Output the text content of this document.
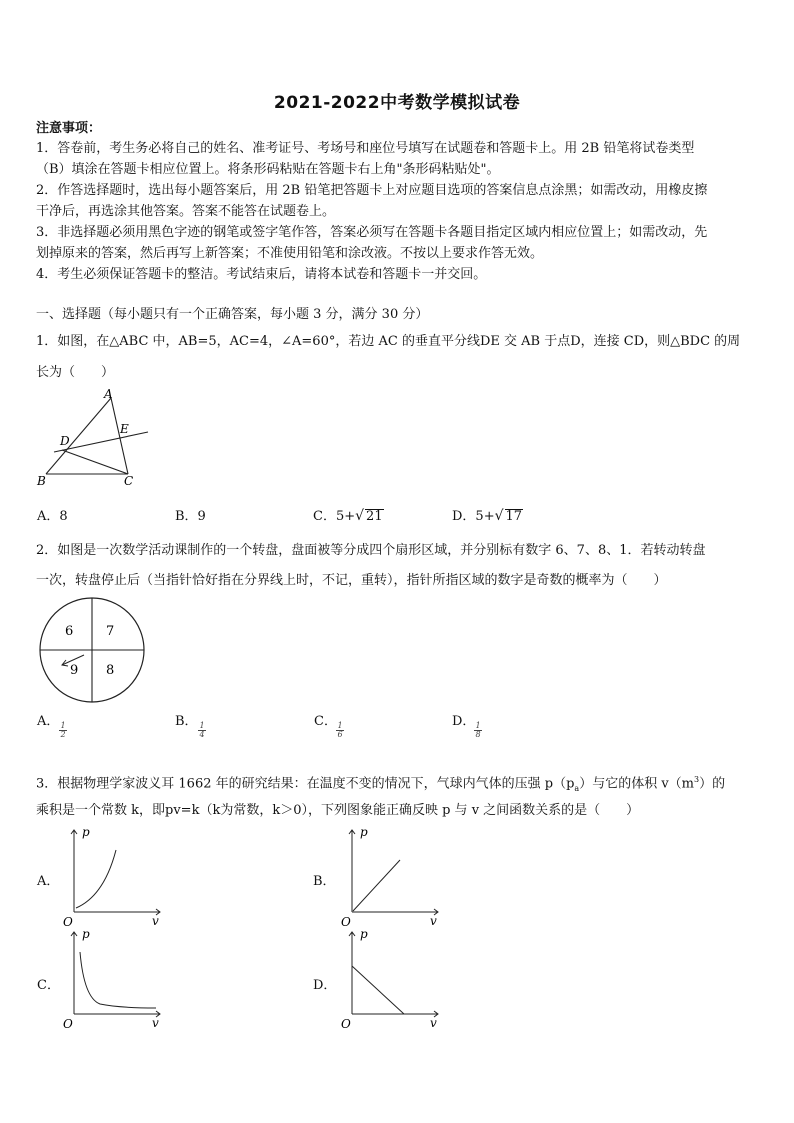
2021-2022中考数学模拟试卷
注意事项：
1．答卷前，考生务必将自己的姓名、准考证号、考场号和座位号填写在试题卷和答题卡上。用 2B 铅笔将试卷类型
（B）填涂在答题卡相应位置上。将条形码粘贴在答题卡右上角"条形码粘贴处"。
2．作答选择题时，选出每小题答案后，用 2B 铅笔把答题卡上对应题目选项的答案信息点涂黑；如需改动，用橡皮擦
干净后，再选涂其他答案。答案不能答在试题卷上。
3．非选择题必须用黑色字迹的钢笔或签字笔作答，答案必须写在答题卡各题目指定区域内相应位置上；如需改动，先
划掉原来的答案，然后再写上新答案；不准使用铅笔和涂改液。不按以上要求作答无效。
4．考生必须保证答题卡的整洁。考试结束后，请将本试卷和答题卡一并交回。
一、选择题（每小题只有一个正确答案，每小题 3 分，满分 30 分）
1．如图，在△ABC 中，AB=5，AC=4，∠A=60°，若边 AC 的垂直平分线DE 交 AB 于点D，连接 CD，则△BDC 的周
长为（　　）
A
E
D
B	C
A．8	B．9	C．5+√ 21	D．5+√ 17
2．如图是一次数学活动课制作的一个转盘，盘面被等分成四个扇形区域，并分别标有数字 6、7、8、1．若转动转盘
一次，转盘停止后（当指针恰好指在分界线上时，不记，重转），指针所指区域的数字是奇数的概率为（　　）
6	7
9 8
A．
$\frac{1}{2}$
B．
$\frac{1}{4}$
C．
$\frac{1}{6}$
D．
$\frac{1}{8}$
3．根据物理学家波义耳 1662 年的研究结果：在温度不变的情况下，气球内气体的压强 $p(p_a)$与它的体积 $v(m^3)$的
乘积是一个常数 k，即pv=k（k为常数，k＞0），下列图象能正确反映 p 与 v 之间函数关系的是（　　）
A．	B．
C．	D．
p
v
O
p
v
O
p
v
O
p
v
O
